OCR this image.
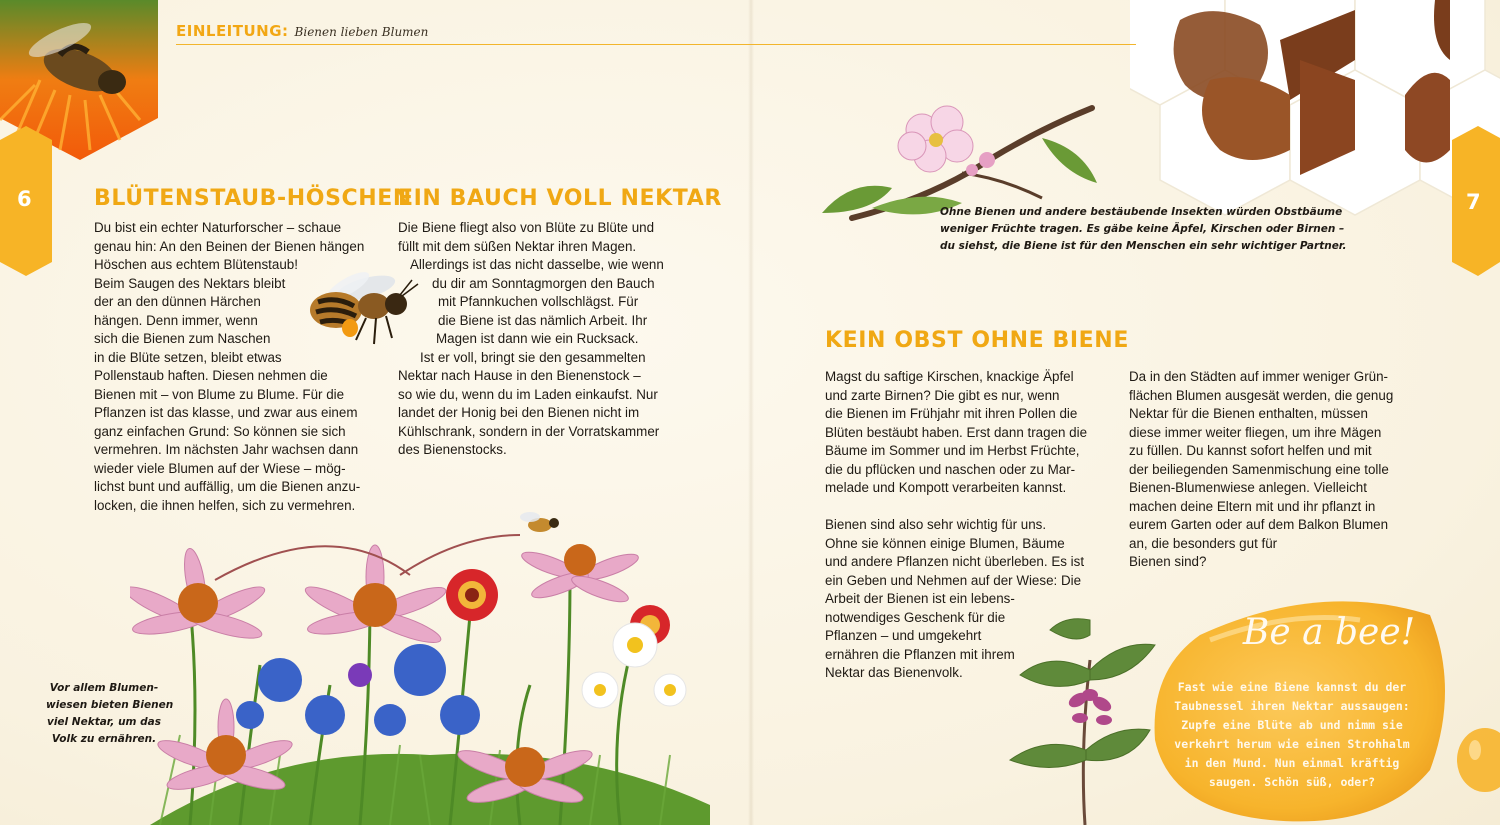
6	7
EINLEITUNG: Bienen lieben Blumen
BLÜTENSTAUB-HÖSCHEN
Du bist ein echter Naturforscher – schaue
genau hin: An den Beinen der Bienen hängen
Höschen aus echtem Blütenstaub!
Beim Saugen des Nektars bleibt
der an den dünnen Härchen
hängen. Denn immer, wenn
sich die Bienen zum Naschen
in die Blüte setzen, bleibt etwas
Pollenstaub haften. Diesen nehmen die
Bienen mit – von Blume zu Blume. Für die
Pflanzen ist das klasse, und zwar aus einem
ganz einfachen Grund: So können sie sich
vermehren. Im nächsten Jahr wachsen dann
wieder viele Blumen auf der Wiese – mög-
lichst bunt und auffällig, um die Bienen anzu-
locken, die ihnen helfen, sich zu vermehren.
EIN BAUCH VOLL NEKTAR
Die Biene fliegt also von Blüte zu Blüte und
füllt mit dem süßen Nektar ihren Magen.
Allerdings ist das nicht dasselbe, wie wenn
du dir am Sonntagmorgen den Bauch
mit Pfannkuchen vollschlägst. Für
die Biene ist das nämlich Arbeit. Ihr
Magen ist dann wie ein Rucksack.
Ist er voll, bringt sie den gesammelten
Nektar nach Hause in den Bienenstock –
so wie du, wenn du im Laden einkaufst. Nur
landet der Honig bei den Bienen nicht im
Kühlschrank, sondern in der Vorratskammer
des Bienenstocks.
Vor allem Blumen-
wiesen bieten Bienen
viel Nektar, um das
Volk zu ernähren.
Ohne Bienen und andere bestäubende Insekten würden Obstbäume
weniger Früchte tragen. Es gäbe keine Äpfel, Kirschen oder Birnen –
du siehst, die Biene ist für den Menschen ein sehr wichtiger Partner.
KEIN OBST OHNE BIENE
Magst du saftige Kirschen, knackige Äpfel
und zarte Birnen? Die gibt es nur, wenn
die Bienen im Frühjahr mit ihren Pollen die
Blüten bestäubt haben. Erst dann tragen die
Bäume im Sommer und im Herbst Früchte,
die du pflücken und naschen oder zu Mar-
melade und Kompott verarbeiten kannst.
Bienen sind also sehr wichtig für uns.
Ohne sie können einige Blumen, Bäume
und andere Pflanzen nicht überleben. Es ist
ein Geben und Nehmen auf der Wiese: Die
Arbeit der Bienen ist ein lebens-
notwendiges Geschenk für die
Pflanzen – und umgekehrt
ernähren die Pflanzen mit ihrem
Nektar das Bienenvolk.
Da in den Städten auf immer weniger Grün-
flächen Blumen ausgesät werden, die genug
Nektar für die Bienen enthalten, müssen
diese immer weiter fliegen, um ihre Mägen
zu füllen. Du kannst sofort helfen und mit
der beiliegenden Samenmischung eine tolle
Bienen-Blumenwiese anlegen. Vielleicht
machen deine Eltern mit und ihr pflanzt in
eurem Garten oder auf dem Balkon Blumen
an, die besonders gut für
Bienen sind?
Be a bee!
Fast wie eine Biene kannst du der
Taubnessel ihren Nektar aussaugen:
Zupfe eine Blüte ab und nimm sie
verkehrt herum wie einen Strohhalm
in den Mund. Nun einmal kräftig
saugen. Schön süß, oder?
